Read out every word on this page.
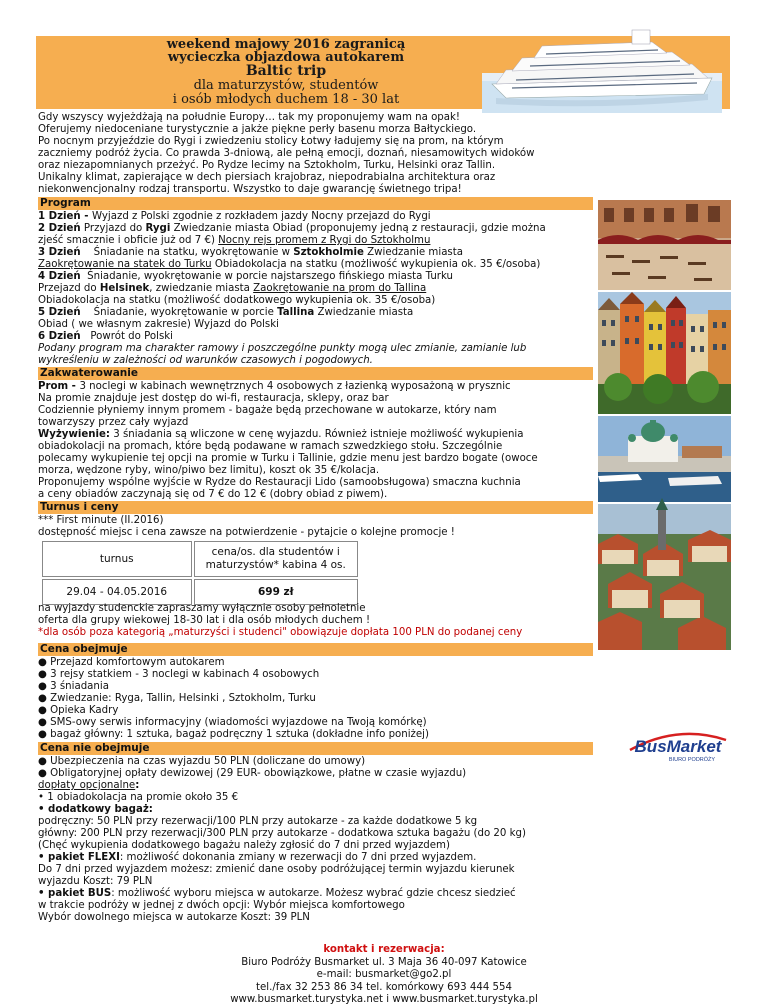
weekend majowy 2016 zagranicą
wycieczka objazdowa autokarem
Baltic trip
dla maturzystów, studentów
i osób młodych duchem 18 - 30 lat
Gdy wszyscy wyjeżdżają na południe Europy… tak my proponujemy wam na opak!
Oferujemy niedoceniane turystycznie a jakże piękne perły basenu morza Bałtyckiego.
Po nocnym przyjeździe do Rygi i zwiedzeniu stolicy Łotwy ładujemy się na prom, na którym
zaczniemy podróż życia. Co prawda 3-dniową, ale pełną emocji, doznań, niesamowitych widoków
oraz niezapomnianych przeżyć. Po Rydze lecimy na Sztokholm, Turku, Helsinki oraz Tallin.
Unikalny klimat, zapierające w dech piersiach krajobraz, niepodrabialna architektura oraz
niekonwencjonalny rodzaj transportu. Wszystko to daje gwarancję świetnego tripa!
Program
1 Dzień - Wyjazd z Polski zgodnie z rozkładem jazdy Nocny przejazd do Rygi
2 Dzień Przyjazd do Rygi Zwiedzanie miasta Obiad (proponujemy jedną z restauracji, gdzie można
zjeść smacznie i obficie już od 7 €) Nocny rejs promem z Rygi do Sztokholmu
3 Dzień    Śniadanie na statku, wyokrętowanie w Sztokholmie Zwiedzanie miasta
Zaokrętowanie na statek do Turku Obiadokolacja na statku (możliwość wykupienia ok. 35 €/osoba)
4 Dzień  Śniadanie, wyokrętowanie w porcie najstarszego fińskiego miasta Turku
Przejazd do Helsinek, zwiedzanie miasta Zaokrętowanie na prom do Tallina
Obiadokolacja na statku (możliwość dodatkowego wykupienia ok. 35 €/osoba)
5 Dzień    Śniadanie, wyokrętowanie w porcie Tallina Zwiedzanie miasta
Obiad ( we własnym zakresie) Wyjazd do Polski
6 Dzień   Powrót do Polski
Podany program ma charakter ramowy i poszczególne punkty mogą ulec zmianie, zamianie lub
wykreśleniu w zależności od warunków czasowych i pogodowych.
Zakwaterowanie
Prom - 3 noclegi w kabinach wewnętrznych 4 osobowych z łazienką wyposażoną w prysznic
Na promie znajduje jest dostęp do wi-fi, restauracja, sklepy, oraz bar
Codziennie płyniemy innym promem - bagaże będą przechowane w autokarze, który nam
towarzyszy przez cały wyjazd
Wyżywienie: 3 śniadania są wliczone w cenę wyjazdu. Również istnieje możliwość wykupienia
obiadokolacji na promach, które będą podawane w ramach szwedzkiego stołu. Szczególnie
polecamy wykupienie tej opcji na promie w Turku i Tallinie, gdzie menu jest bardzo bogate (owoce
morza, wędzone ryby, wino/piwo bez limitu), koszt ok 35 €/kolacja.
Proponujemy wspólne wyjście w Rydze do Restauracji Lido (samoobsługowa) smaczna kuchnia
a ceny obiadów zaczynają się od 7 € do 12 € (dobry obiad z piwem).
Turnus i ceny
*** First minute (II.2016)
dostępność miejsc i cena zawsze na potwierdzenie - pytajcie o kolejne promocje !
turnus	cena/os. dla studentów i maturzystów* kabina 4 os.
29.04 - 04.05.2016	699 zł
na wyjazdy studenckie zapraszamy wyłącznie osoby pełnoletnie
oferta dla grupy wiekowej 18-30 lat i dla osób młodych duchem !
*dla osób poza kategorią „maturzyści i studenci" obowiązuje dopłata 100 PLN do podanej ceny
Cena obejmuje
● Przejazd komfortowym autokarem
● 3 rejsy statkiem - 3 noclegi w kabinach 4 osobowych
● 3 śniadania
● Zwiedzanie: Ryga, Tallin, Helsinki , Sztokholm, Turku
● Opieka Kadry
● SMS-owy serwis informacyjny (wiadomości wyjazdowe na Twoją komórkę)
● bagaż główny: 1 sztuka, bagaż podręczny 1 sztuka (dokładne info poniżej)
Cena nie obejmuje
● Ubezpieczenia na czas wyjazdu 50 PLN (doliczane do umowy)
● Obligatoryjnej opłaty dewizowej (29 EUR- obowiązkowe, płatne w czasie wyjazdu)
dopłaty opcjonalne:
• 1 obiadokolacja na promie około 35 €
• dodatkowy bagaż:
podręczny: 50 PLN przy rezerwacji/100 PLN przy autokarze - za każde dodatkowe 5 kg
główny: 200 PLN przy rezerwacji/300 PLN przy autokarze - dodatkowa sztuka bagażu (do 20 kg)
(Chęć wykupienia dodatkowego bagażu należy zgłosić do 7 dni przed wyjazdem)
• pakiet FLEXI: możliwość dokonania zmiany w rezerwacji do 7 dni przed wyjazdem.
Do 7 dni przed wyjazdem możesz: zmienić dane osoby podróżującej termin wyjazdu kierunek
wyjazdu Koszt: 79 PLN
• pakiet BUS: możliwość wyboru miejsca w autokarze. Możesz wybrać gdzie chcesz siedzieć
w trakcie podróży w jednej z dwóch opcji: Wybór miejsca komfortowego
Wybór dowolnego miejsca w autokarze Koszt: 39 PLN
BusMarket
BIURO PODRÓŻY
kontakt i rezerwacja:
Biuro Podróży Busmarket ul. 3 Maja 36 40-097 Katowice
e-mail: busmarket@go2.pl
tel./fax 32 253 86 34 tel. komórkowy 693 444 554
www.busmarket.turystyka.net i www.busmarket.turystyka.pl
